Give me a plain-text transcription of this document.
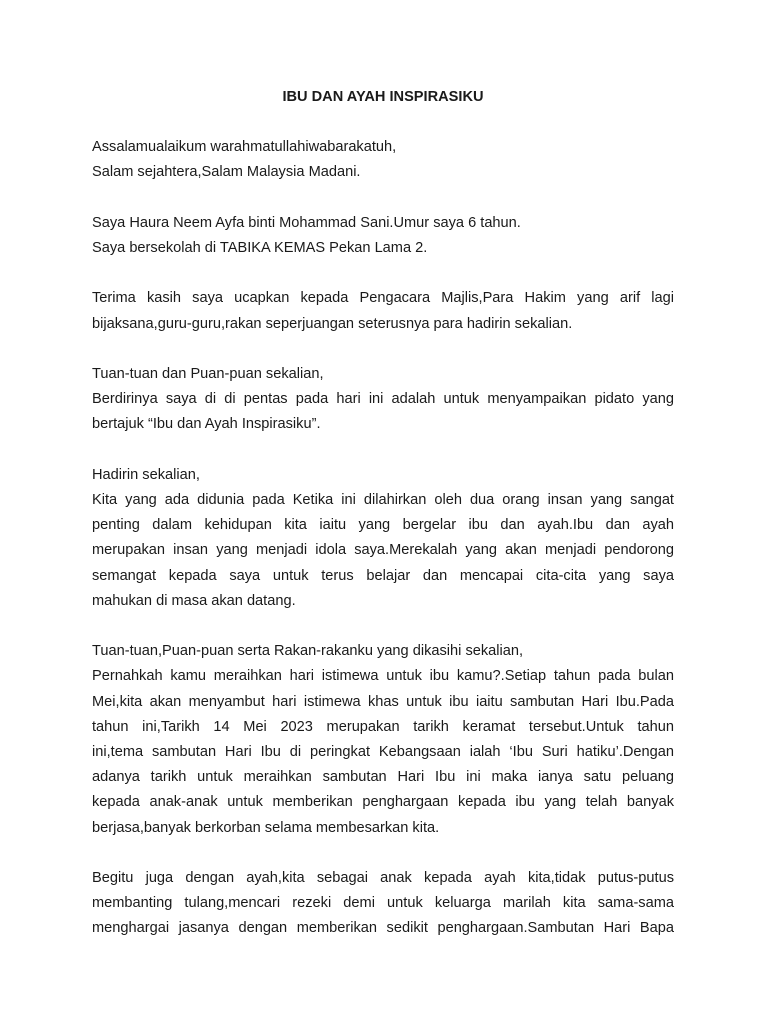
IBU DAN AYAH INSPIRASIKU
Assalamualaikum warahmatullahiwabarakatuh,
Salam sejahtera,Salam Malaysia Madani.
Saya Haura Neem Ayfa binti Mohammad Sani.Umur saya 6 tahun.
Saya bersekolah di TABIKA KEMAS Pekan Lama 2.
Terima kasih saya ucapkan kepada Pengacara Majlis,Para Hakim yang arif lagi
bijaksana,guru-guru,rakan seperjuangan seterusnya para hadirin sekalian.
Tuan-tuan dan Puan-puan sekalian,
Berdirinya saya di di pentas pada hari ini adalah untuk menyampaikan pidato yang
bertajuk “Ibu dan Ayah Inspirasiku”.
Hadirin sekalian,
Kita yang ada didunia pada Ketika ini dilahirkan oleh dua orang insan yang sangat
penting dalam kehidupan kita iaitu yang bergelar ibu dan ayah.Ibu dan ayah
merupakan insan yang menjadi idola saya.Merekalah yang akan menjadi pendorong
semangat kepada saya untuk terus belajar dan mencapai cita-cita yang saya
mahukan di masa akan datang.
Tuan-tuan,Puan-puan serta Rakan-rakanku yang dikasihi sekalian,
Pernahkah kamu meraihkan hari istimewa untuk ibu kamu?.Setiap tahun pada bulan
Mei,kita akan menyambut hari istimewa khas untuk ibu iaitu sambutan Hari Ibu.Pada
tahun ini,Tarikh 14 Mei 2023 merupakan tarikh keramat tersebut.Untuk tahun
ini,tema sambutan Hari Ibu di peringkat Kebangsaan ialah ‘Ibu Suri hatiku’.Dengan
adanya tarikh untuk meraihkan sambutan Hari Ibu ini maka ianya satu peluang
kepada anak-anak untuk memberikan penghargaan kepada ibu yang telah banyak
berjasa,banyak berkorban selama membesarkan kita.
Begitu juga dengan ayah,kita sebagai anak kepada ayah kita,tidak putus-putus
membanting tulang,mencari rezeki demi untuk keluarga marilah kita sama-sama
menghargai jasanya dengan memberikan sedikit penghargaan.Sambutan Hari Bapa
